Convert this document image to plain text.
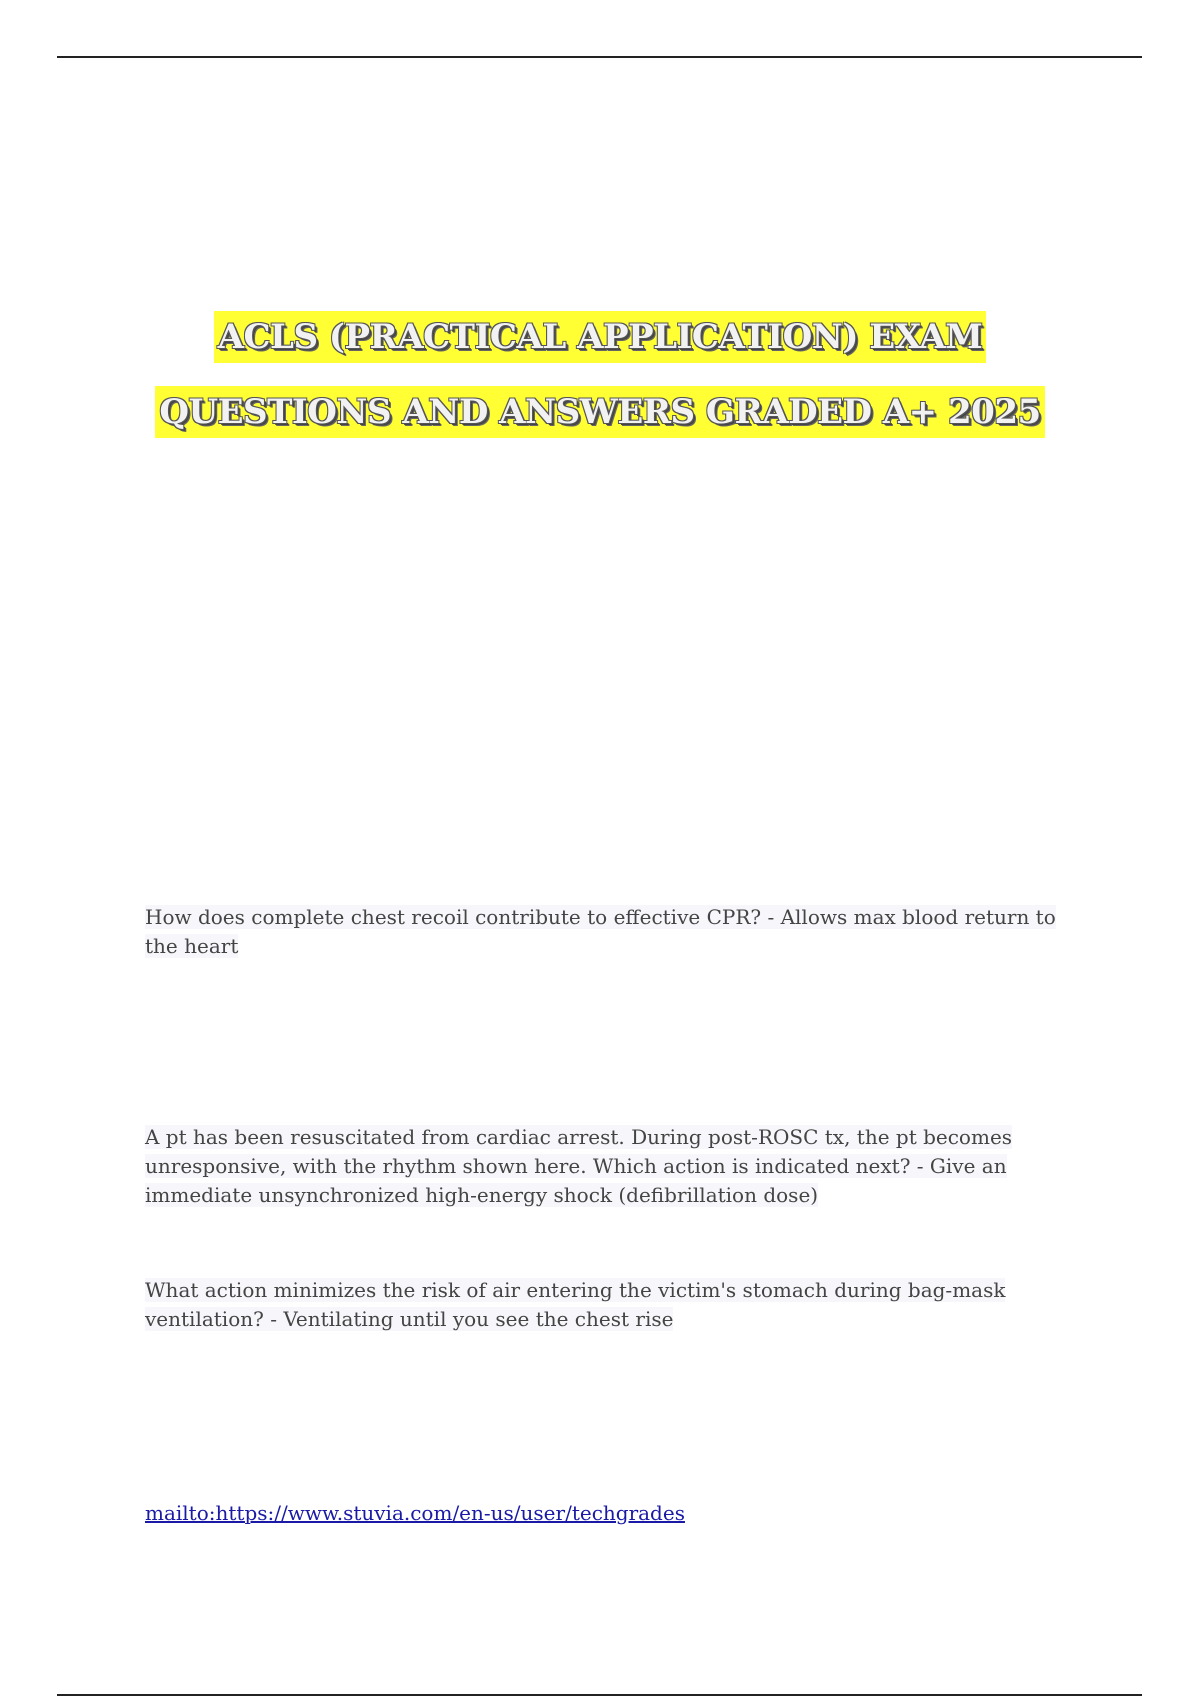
ACLS (PRACTICAL APPLICATION) EXAM
QUESTIONS AND ANSWERS GRADED A+ 2025
How does complete chest recoil contribute to effective CPR? - Allows max blood return to the heart
A pt has been resuscitated from cardiac arrest. During post-ROSC tx, the pt becomes unresponsive, with the rhythm shown here. Which action is indicated next? - Give an immediate unsynchronized high-energy shock (defibrillation dose)
What action minimizes the risk of air entering the victim's stomach during bag-mask ventilation? - Ventilating until you see the chest rise
mailto:https://www.stuvia.com/en-us/user/techgrades
